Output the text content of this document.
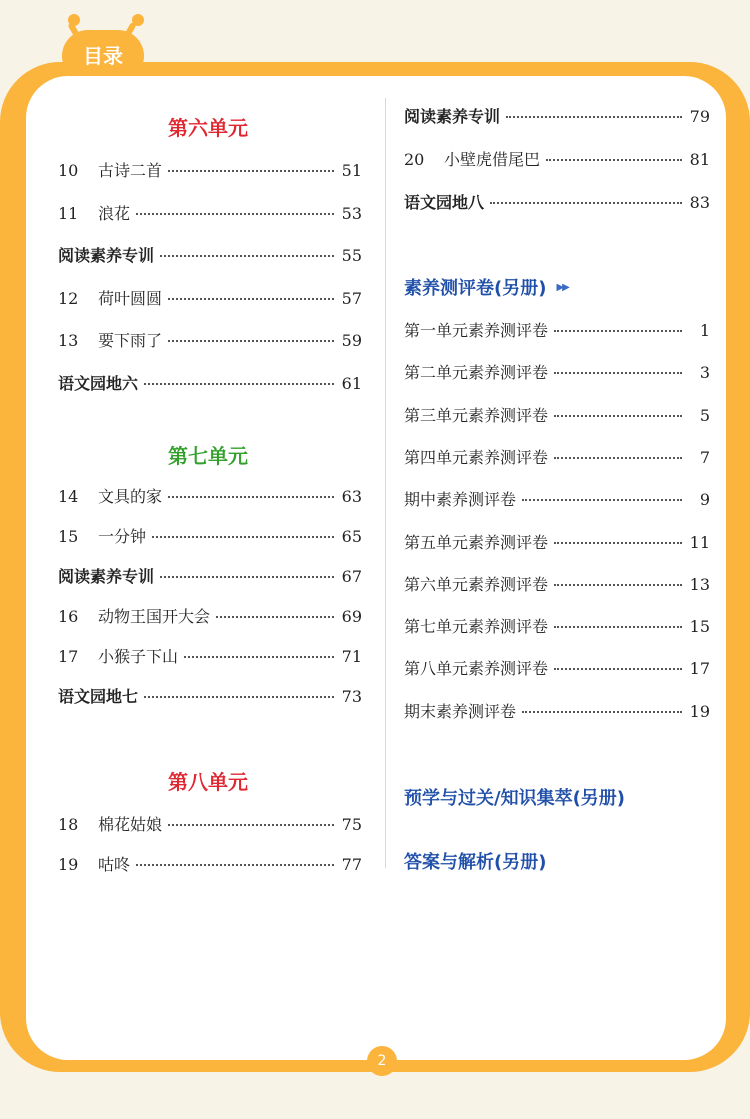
目录
第六单元
10	古诗二首	51
11	浪花	53
阅读素养专训	55
12	荷叶圆圆	57
13	要下雨了	59
语文园地六	61
第七单元
14	文具的家	63
15	一分钟	65
阅读素养专训	67
16	动物王国开大会	69
17	小猴子下山	71
语文园地七	73
第八单元
18	棉花姑娘	75
19	咕咚	77
阅读素养专训	79
20	小壁虎借尾巴	81
语文园地八	83
素养测评卷(另册) ▶▶
第一单元素养测评卷	1
第二单元素养测评卷	3
第三单元素养测评卷	5
第四单元素养测评卷	7
期中素养测评卷	9
第五单元素养测评卷	11
第六单元素养测评卷	13
第七单元素养测评卷	15
第八单元素养测评卷	17
期末素养测评卷	19
预学与过关/知识集萃(另册)
答案与解析(另册)
2
